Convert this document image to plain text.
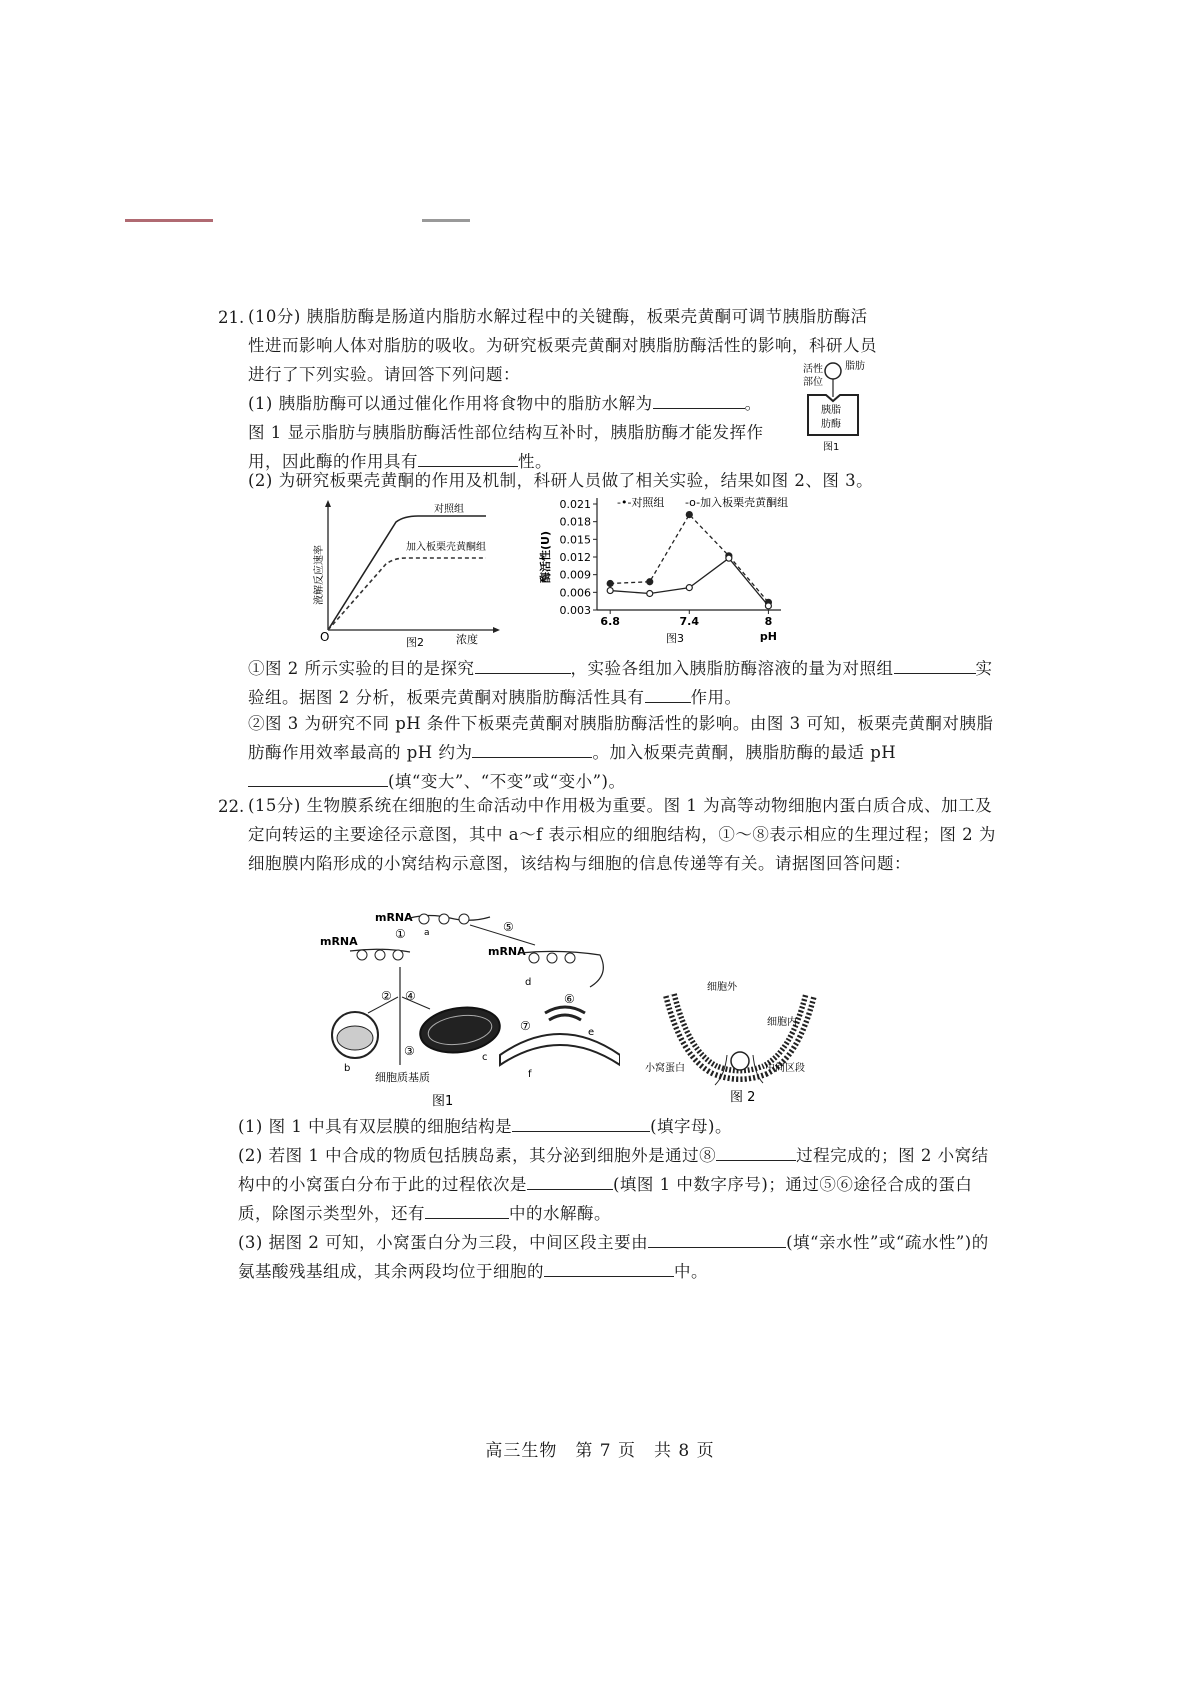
21. (10分) 胰脂肪酶是肠道内脂肪水解过程中的关键酶，板栗壳黄酮可调节胰脂肪酶活性进而影响人体对脂肪的吸收。为研究板栗壳黄酮对胰脂肪酶活性的影响，科研人员进行了下列实验。请回答下列问题：
(1) 胰脂肪酶可以通过催化作用将食物中的脂肪水解为	。
图 1 显示脂肪与胰脂肪酶活性部位结构互补时，胰脂肪酶才能发挥作用，因此酶的作用具有	性。
活性
部位
脂肪
胰脂
肪酶
图1
(2) 为研究板栗壳黄酮的作用及机制，科研人员做了相关实验，结果如图 2、图 3。
液解反应速率
O	浓度
图2
对照组
加入板栗壳黄酮组
0.003
0.006
0.009
0.012
0.015
0.018
0.021
6.8	7.4	8
pH
酶活性(U)
图3
-•-对照组 -o-加入板栗壳黄酮组
①图 2 所示实验的目的是探究	，实验各组加入胰脂肪酶溶液的量为对照组	实验组。据图 2 分析，板栗壳黄酮对胰脂肪酶活性具有	作用。
②图 3 为研究不同 pH 条件下板栗壳黄酮对胰脂肪酶活性的影响。由图 3 可知，板栗壳黄酮对胰脂肪酶作用效率最高的 pH 约为	。加入板栗壳黄酮，胰脂肪酶的最适 pH(填“变大”、“不变”或“变小”)。
22. (15分) 生物膜系统在细胞的生命活动中作用极为重要。图 1 为高等动物细胞内蛋白质合成、加工及定向转运的主要途径示意图，其中 a～f 表示相应的细胞结构，①～⑧表示相应的生理过程；图 2 为细胞膜内陷形成的小窝结构示意图，该结构与细胞的信息传递等有关。请据图回答问题：
mRNA
a
①	⑤
mRNA
mRNA
d
② ④
③
b
c
细胞质基质
⑥
⑦	e
f
图1
细胞外
细胞内
小窝蛋白	中间区段
图 2
(1) 图 1 中具有双层膜的细胞结构是	(填字母)。
(2) 若图 1 中合成的物质包括胰岛素，其分泌到细胞外是通过⑧	过程完成的；图 2 小窝结构中的小窝蛋白分布于此的过程依次是	(填图 1 中数字序号)；通过⑤⑥途径合成的蛋白质，除图示类型外，还有	中的水解酶。
(3) 据图 2 可知，小窝蛋白分为三段，中间区段主要由	(填“亲水性”或“疏水性”)的氨基酸残基组成，其余两段均位于细胞的	中。
高三生物　第 7 页　共 8 页
